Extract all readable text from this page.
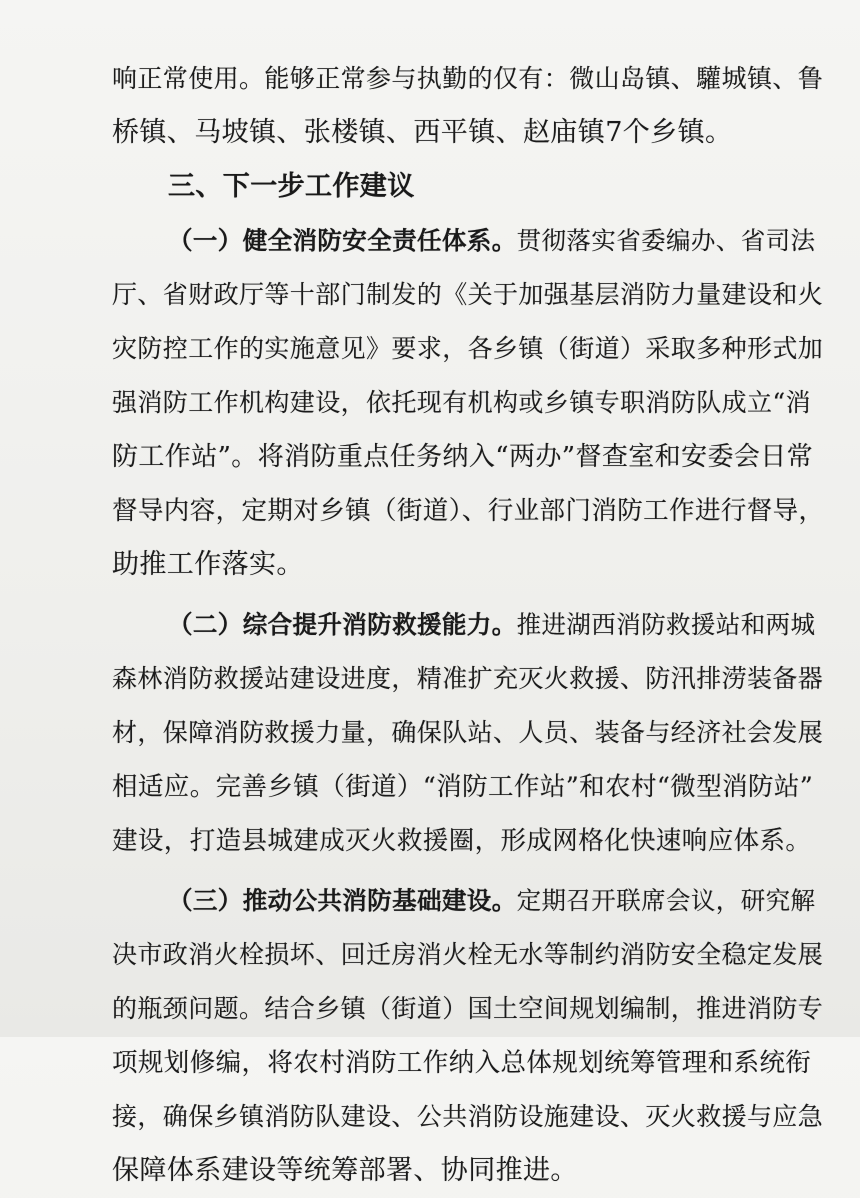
响正常使用。能够正常参与执勤的仅有：微山岛镇、驩城镇、鲁

桥镇、马坡镇、张楼镇、西平镇、赵庙镇7个乡镇。

三、下一步工作建议

（一）健全消防安全责任体系。贯彻落实省委编办、省司法

厅、省财政厅等十部门制发的《关于加强基层消防力量建设和火

灾防控工作的实施意见》要求，各乡镇（街道）采取多种形式加

强消防工作机构建设，依托现有机构或乡镇专职消防队成立“消

防工作站”。将消防重点任务纳入“两办”督查室和安委会日常

督导内容，定期对乡镇（街道）、行业部门消防工作进行督导，

助推工作落实。

（二）综合提升消防救援能力。推进湖西消防救援站和两城

森林消防救援站建设进度，精准扩充灭火救援、防汛排涝装备器

材，保障消防救援力量，确保队站、人员、装备与经济社会发展

相适应。完善乡镇（街道）“消防工作站”和农村“微型消防站”

建设，打造县城建成灭火救援圈，形成网格化快速响应体系。

（三）推动公共消防基础建设。定期召开联席会议，研究解

决市政消火栓损坏、回迁房消火栓无水等制约消防安全稳定发展

的瓶颈问题。结合乡镇（街道）国土空间规划编制，推进消防专

项规划修编，将农村消防工作纳入总体规划统筹管理和系统衔

接，确保乡镇消防队建设、公共消防设施建设、灭火救援与应急

保障体系建设等统筹部署、协同推进。
